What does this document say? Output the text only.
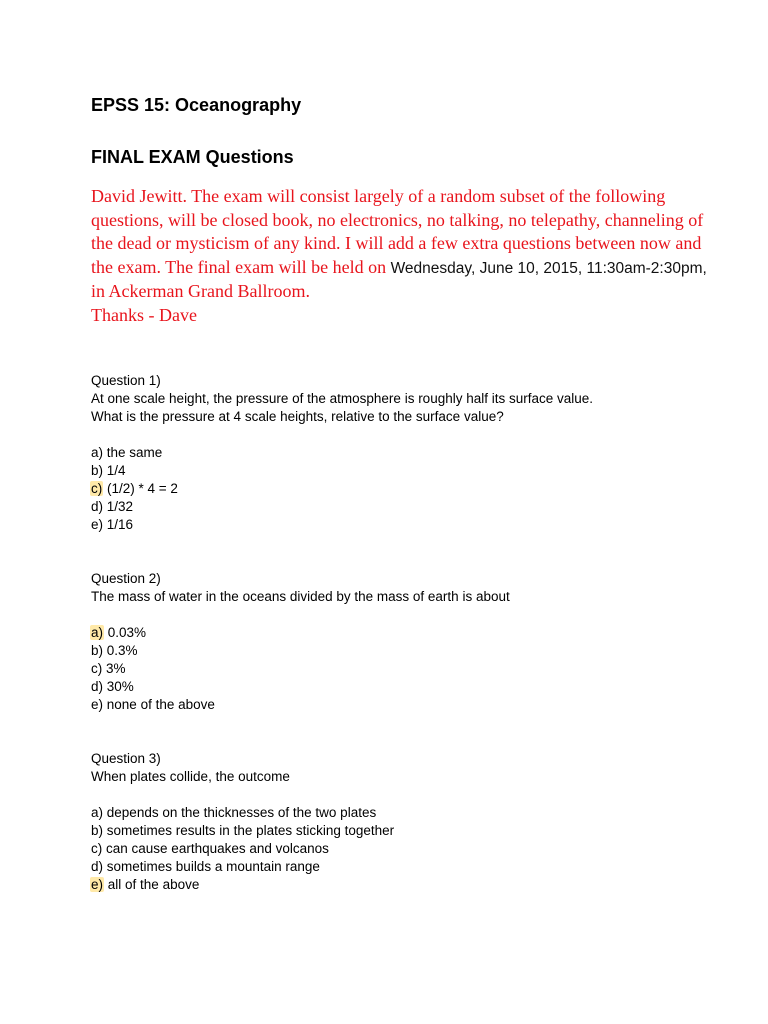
EPSS 15: Oceanography
FINAL EXAM Questions
David Jewitt. The exam will consist largely of a random subset of the following questions, will be closed book, no electronics, no talking, no telepathy, channeling of the dead or mysticism of any kind. I will add a few extra questions between now and the exam. The final exam will be held on Wednesday, June 10, 2015, 11:30am-2:30pm, in Ackerman Grand Ballroom.
Thanks - Dave
Question 1)
At one scale height, the pressure of the atmosphere is roughly half its surface value.
What is the pressure at 4 scale heights, relative to the surface value?
a) the same
b) 1/4
c) (1/2) * 4 = 2
d) 1/32
e) 1/16
Question 2)
The mass of water in the oceans divided by the mass of earth is about
a) 0.03%
b) 0.3%
c) 3%
d) 30%
e) none of the above
Question 3)
When plates collide, the outcome
a) depends on the thicknesses of the two plates
b) sometimes results in the plates sticking together
c) can cause earthquakes and volcanos
d) sometimes builds a mountain range
e) all of the above
